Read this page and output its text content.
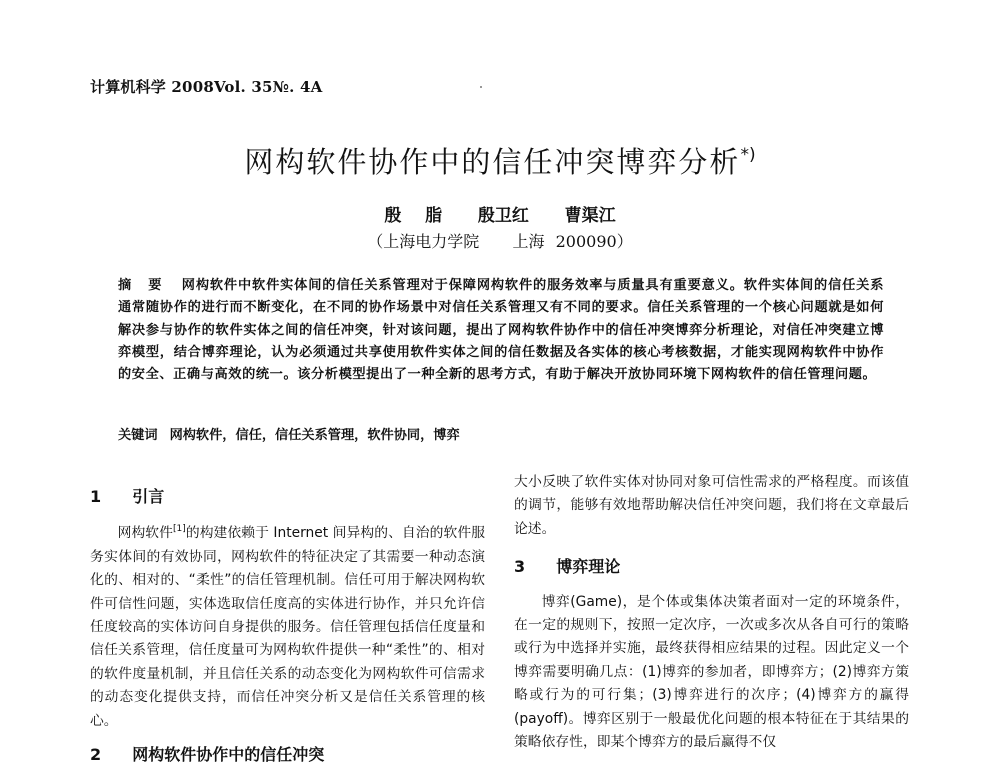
计算机科学 2008Vol. 35№. 4A
网构软件协作中的信任冲突博弈分析*)
殷  脂   殷卫红   曹渠江
（上海电力学院   上海 200090）
摘 要 网构软件中软件实体间的信任关系管理对于保障网构软件的服务效率与质量具有重要意义。软件实体间的信任关系通常随协作的进行而不断变化，在不同的协作场景中对信任关系管理又有不同的要求。信任关系管理的一个核心问题就是如何解决参与协作的软件实体之间的信任冲突，针对该问题，提出了网构软件协作中的信任冲突博弈分析理论，对信任冲突建立博弈模型，结合博弈理论，认为必须通过共享使用软件实体之间的信任数据及各实体的核心考核数据，才能实现网构软件中协作的安全、正确与高效的统一。该分析模型提出了一种全新的思考方式，有助于解决开放协同环境下网构软件的信任管理问题。
关键词 网构软件，信任，信任关系管理，软件协同，博弈
1  引言

网构软件[1]的构建依赖于 Internet 间异构的、自治的软件服务实体间的有效协同，网构软件的特征决定了其需要一种动态演化的、相对的、“柔性”的信任管理机制。信任可用于解决网构软件可信性问题，实体选取信任度高的实体进行协作，并只允许信任度较高的实体访问自身提供的服务。信任管理包括信任度量和信任关系管理，信任度量可为网构软件提供一种“柔性”的、相对的软件度量机制，并且信任关系的动态变化为网构软件可信需求的动态变化提供支持，而信任冲突分析又是信任关系管理的核心。

2  网构软件协作中的信任冲突

大小反映了软件实体对协同对象可信性需求的严格程度。而该值的调节，能够有效地帮助解决信任冲突问题，我们将在文章最后论述。

3  博弈理论

博弈(Game)，是个体或集体决策者面对一定的环境条件，在一定的规则下，按照一定次序，一次或多次从各自可行的策略或行为中选择并实施，最终获得相应结果的过程。因此定义一个博弈需要明确几点：(1)博弈的参加者，即博弈方；(2)博弈方策略或行为的可行集；(3)博弈进行的次序；(4)博弈方的赢得(payoff)。博弈区别于一般最优化问题的根本特征在于其结果的策略依存性，即某个博弈方的最后赢得不仅
